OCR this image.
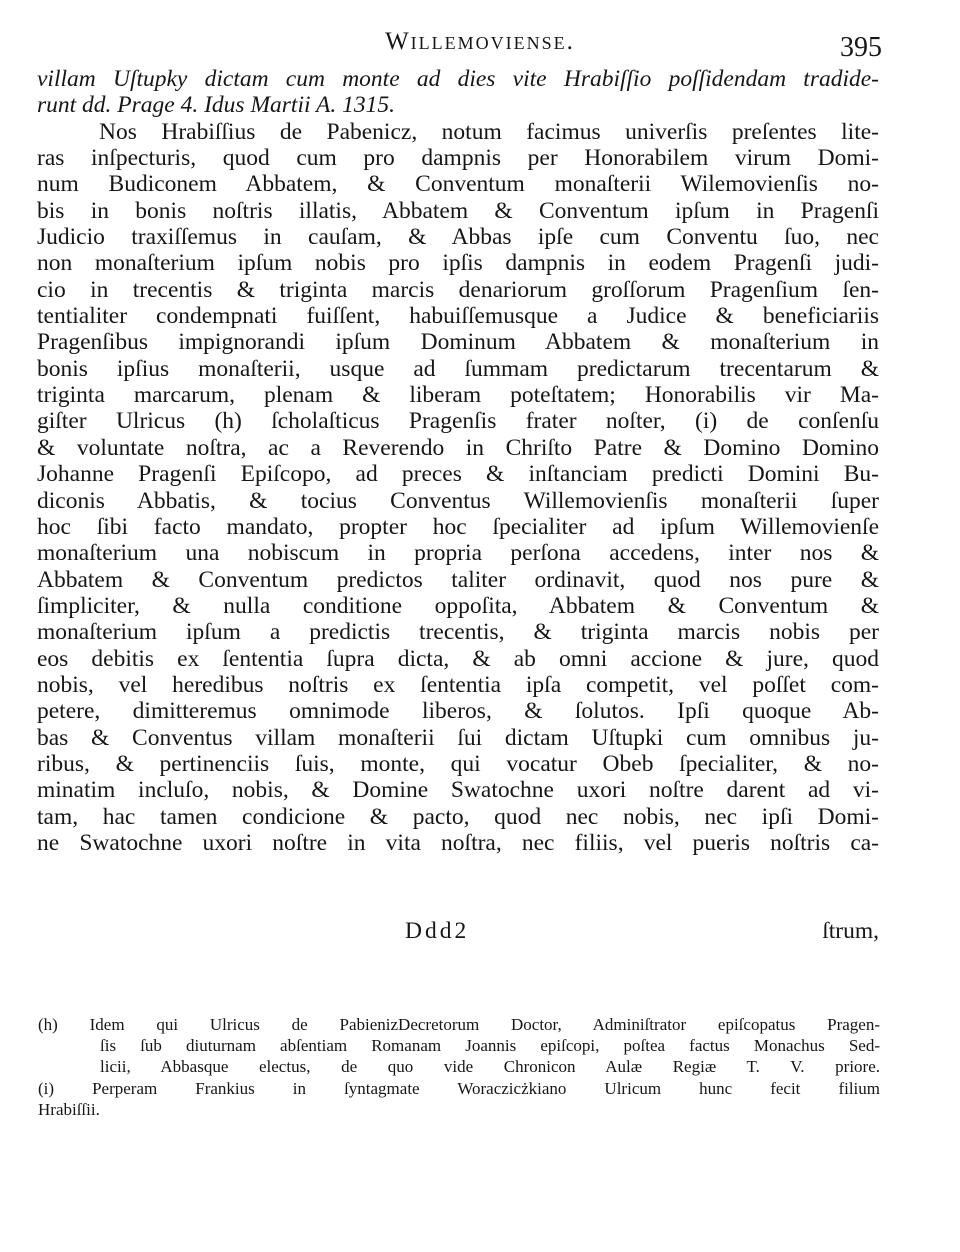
Willemoviense.	395
villam Uſtupky dictam cum monte ad dies vite Hrabiſſio poſſidendam tradide-
runt dd. Prage 4. Idus Martii A. 1315.
Nos Hrabiſſius de Pabenicz, notum facimus univerſis preſentes lite-
ras inſpecturis, quod cum pro dampnis per Honorabilem virum Domi-
num Budiconem Abbatem, & Conventum monaſterii Wilemovienſis no-
bis in bonis noſtris illatis, Abbatem & Conventum ipſum in Pragenſi
Judicio traxiſſemus in cauſam, & Abbas ipſe cum Conventu ſuo, nec
non monaſterium ipſum nobis pro ipſis dampnis in eodem Pragenſi judi-
cio in trecentis & triginta marcis denariorum groſſorum Pragenſium ſen-
tentialiter condempnati fuiſſent, habuiſſemusque a Judice & beneficiariis
Pragenſibus impignorandi ipſum Dominum Abbatem & monaſterium in
bonis ipſius monaſterii, usque ad ſummam predictarum trecentarum &
triginta marcarum, plenam & liberam poteſtatem; Honorabilis vir Ma-
giſter Ulricus (h) ſcholaſticus Pragenſis frater noſter, (i) de conſenſu
& voluntate noſtra, ac a Reverendo in Chriſto Patre & Domino Domino
Johanne Pragenſi Epiſcopo, ad preces & inſtanciam predicti Domini Bu-
diconis Abbatis, & tocius Conventus Willemovienſis monaſterii ſuper
hoc ſibi facto mandato, propter hoc ſpecialiter ad ipſum Willemovienſe
monaſterium una nobiscum in propria perſona accedens, inter nos &
Abbatem & Conventum predictos taliter ordinavit, quod nos pure &
ſimpliciter, & nulla conditione oppoſita, Abbatem & Conventum &
monaſterium ipſum a predictis trecentis, & triginta marcis nobis per
eos debitis ex ſententia ſupra dicta, & ab omni accione & jure, quod
nobis, vel heredibus noſtris ex ſententia ipſa competit, vel poſſet com-
petere, dimitteremus omnimode liberos, & ſolutos. Ipſi quoque Ab-
bas & Conventus villam monaſterii ſui dictam Uſtupki cum omnibus ju-
ribus, & pertinenciis ſuis, monte, qui vocatur Obeb ſpecialiter, & no-
minatim incluſo, nobis, & Domine Swatochne uxori noſtre darent ad vi-
tam, hac tamen condicione & pacto, quod nec nobis, nec ipſi Domi-
ne Swatochne uxori noſtre in vita noſtra, nec filiis, vel pueris noſtris ca-
Ddd2	ſtrum,
(h) Idem qui Ulricus de PabienizDecretorum Doctor, Adminiſtrator epiſcopatus Pragen-
ſis ſub diuturnam abſentiam Romanam Joannis epiſcopi, poſtea factus Monachus Sed-
licii, Abbasque electus, de quo vide Chronicon Aulæ Regiæ T. V. priore.
(i) Perperam Frankius in ſyntagmate Woraczicżkiano Ulricum hunc fecit filium
Hrabiſſii.
